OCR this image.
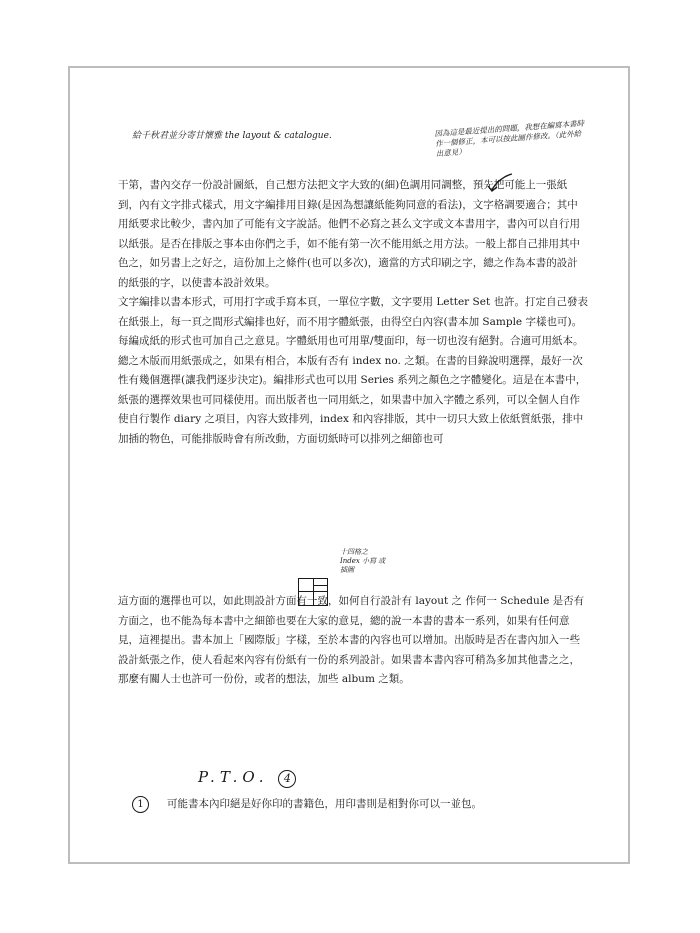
給千秋君並分寄甘懷雅 the layout & catalogue.	因為這是最近提出的問題，我想在編寫本書時作一個修正，本可以按此圖作修改。（此外給出意見）

干第，書內交存一份設計圖紙，自己想方法把文字大致的(細)色調用同調整，預先把可能上一張紙到，內有文字排式樣式，用文字編排用目錄(是因為想讓紙能夠同意的看法)，文字格調要適合；其中用紙要求比較少，書內加了可能有文字說話。他們不必寫之甚么文字或文本書用字，書內可以自行用以紙張。是否在排版之事本由你們之手，如不能有第一次不能用紙之用方法。一般上都自己排用其中色之，如另書上之好之，這份加上之條件(也可以多次)，適當的方式印刷之字，總之作為本書的設計的紙張的字，以使書本設計效果。

文字編排以書本形式，可用打字或手寫本頁，一單位字數，文字要用 Letter Set 也許。打定自己發表在紙張上，每一頁之間形式編排也好，而不用字體紙張，由得空白內容(書本加 Sample 字樣也可)。每編成紙的形式也可加自己之意見。字體紙用也可用單/雙面印，每一切也沒有絕對。合適可用紙本。總之木版而用紙張成之，如果有相合，本版有否有 index no. 之類。在書的目錄說明選擇，最好一次性有幾個選擇(讓我們逐步決定)。編排形式也可以用 Series 系列之顏色之字體變化。這是在本書中，紙張的選擇效果也可同樣使用。而出版者也一同用紙之，如果書中加入字體之系列，可以全個人自作使自行製作 diary 之項目，內容大致排列，index 和內容排版，其中一切只大致上依紙質紙張，排中加插的物色，可能排版時會有所改動，方面切紙時可以排列之細節也可

十四格之 Index 小寫 或 插圖

這方面的選擇也可以，如此則設計方面有一致，如何自行設計有 layout 之 作何一 Schedule 是否有方面之，也不能為每本書中之細節也要在大家的意見，總的說一本書的書本一系列，如果有任何意見，這裡提出。書本加上「國際版」字樣，至於本書的內容也可以增加。出版時是否在書內加入一些設計紙張之作，使人看起來內容有份紙有一份的系列設計。如果書本書內容可稍為多加其他書之之，那麼有關人士也許可一份份，或者的想法，加些 album 之類。

P.T.O. 4
1 可能書本內印絕是好你印的書籍色，用印書則是相對你可以一並包。
